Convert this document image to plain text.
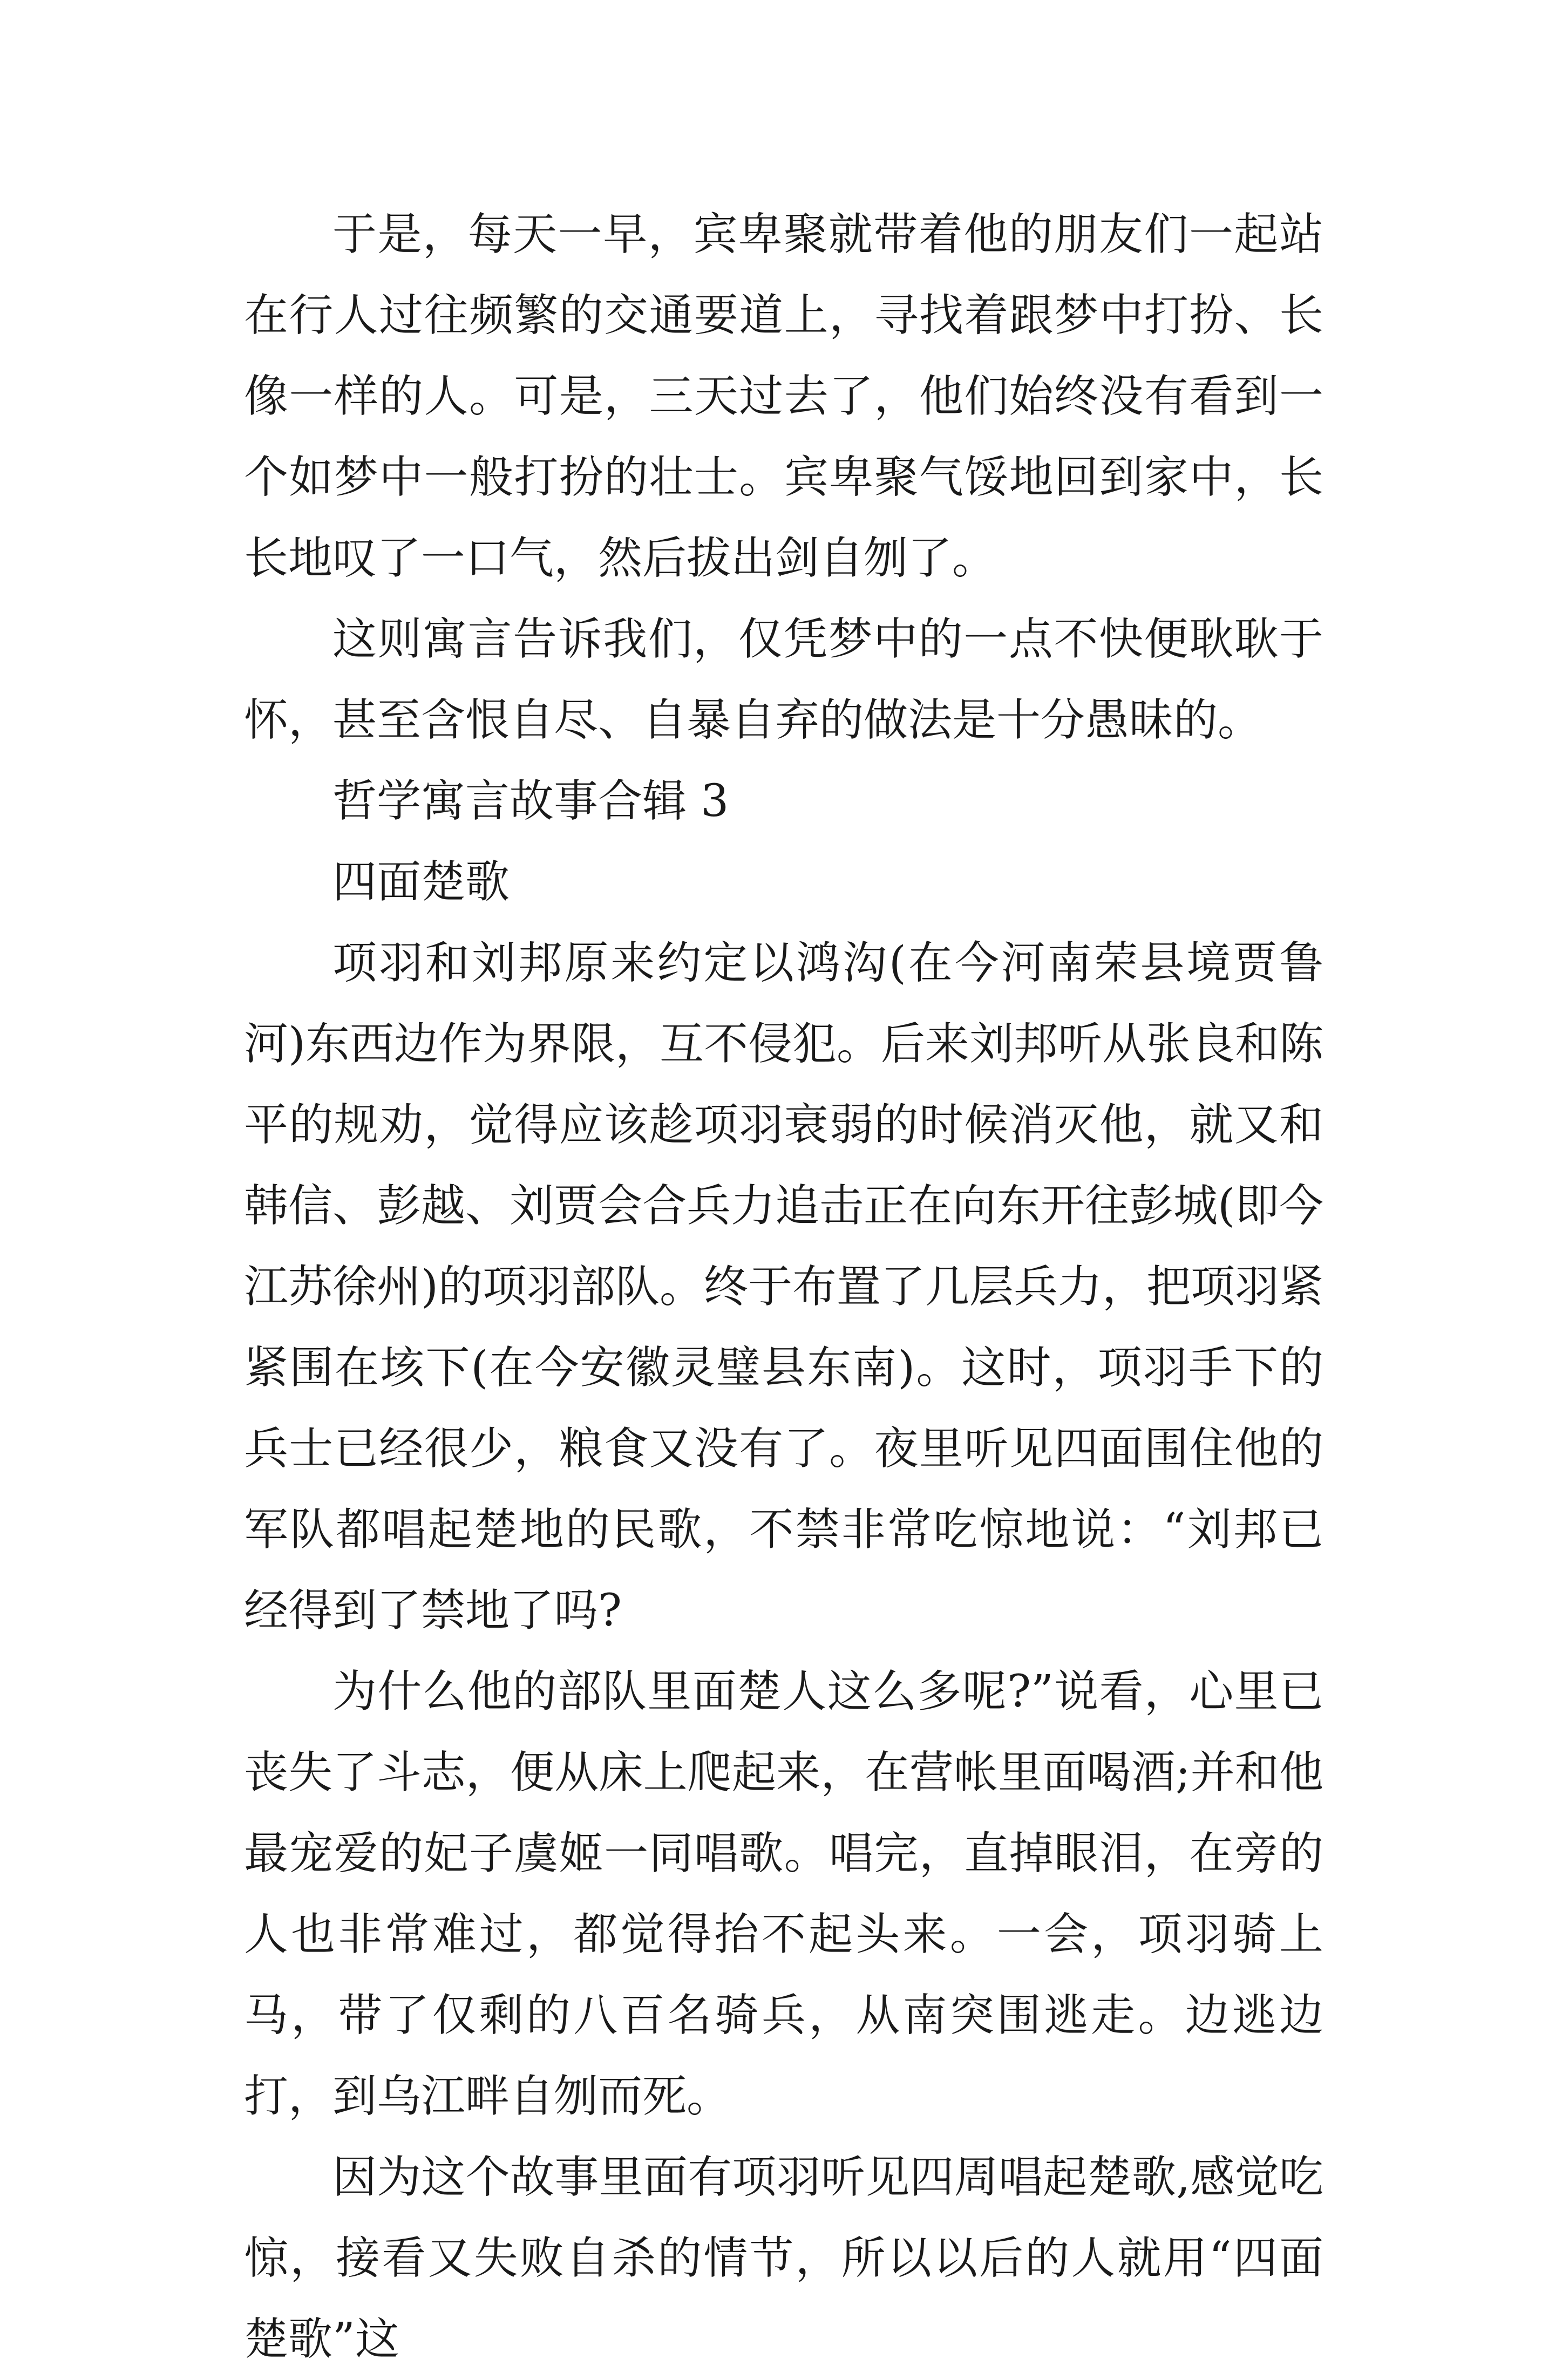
于是，每天一早，宾卑聚就带着他的朋友们一起站在行人过往频繁的交通要道上，寻找着跟梦中打扮、长像一样的人。可是，三天过去了，他们始终没有看到一个如梦中一般打扮的壮士。宾卑聚气馁地回到家中，长长地叹了一口气，然后拔出剑自刎了。

这则寓言告诉我们，仅凭梦中的一点不快便耿耿于怀，甚至含恨自尽、自暴自弃的做法是十分愚昧的。

哲学寓言故事合辑 3

四面楚歌

项羽和刘邦原来约定以鸿沟(在今河南荣县境贾鲁河)东西边作为界限，互不侵犯。后来刘邦听从张良和陈平的规劝，觉得应该趁项羽衰弱的时候消灭他，就又和韩信、彭越、刘贾会合兵力追击正在向东开往彭城(即今江苏徐州)的项羽部队。终于布置了几层兵力，把项羽紧紧围在垓下(在今安徽灵璧县东南)。这时，项羽手下的兵士已经很少，粮食又没有了。夜里听见四面围住他的军队都唱起楚地的民歌，不禁非常吃惊地说：“刘邦已经得到了禁地了吗?

为什么他的部队里面楚人这么多呢?”说看，心里已丧失了斗志，便从床上爬起来，在营帐里面喝酒;并和他最宠爱的妃子虞姬一同唱歌。唱完，直掉眼泪，在旁的人也非常难过，都觉得抬不起头来。一会，项羽骑上马，带了仅剩的八百名骑兵，从南突围逃走。边逃边打，到乌江畔自刎而死。

因为这个故事里面有项羽听见四周唱起楚歌,感觉吃惊，接看又失败自杀的情节，所以以后的人就用“四面楚歌”这
